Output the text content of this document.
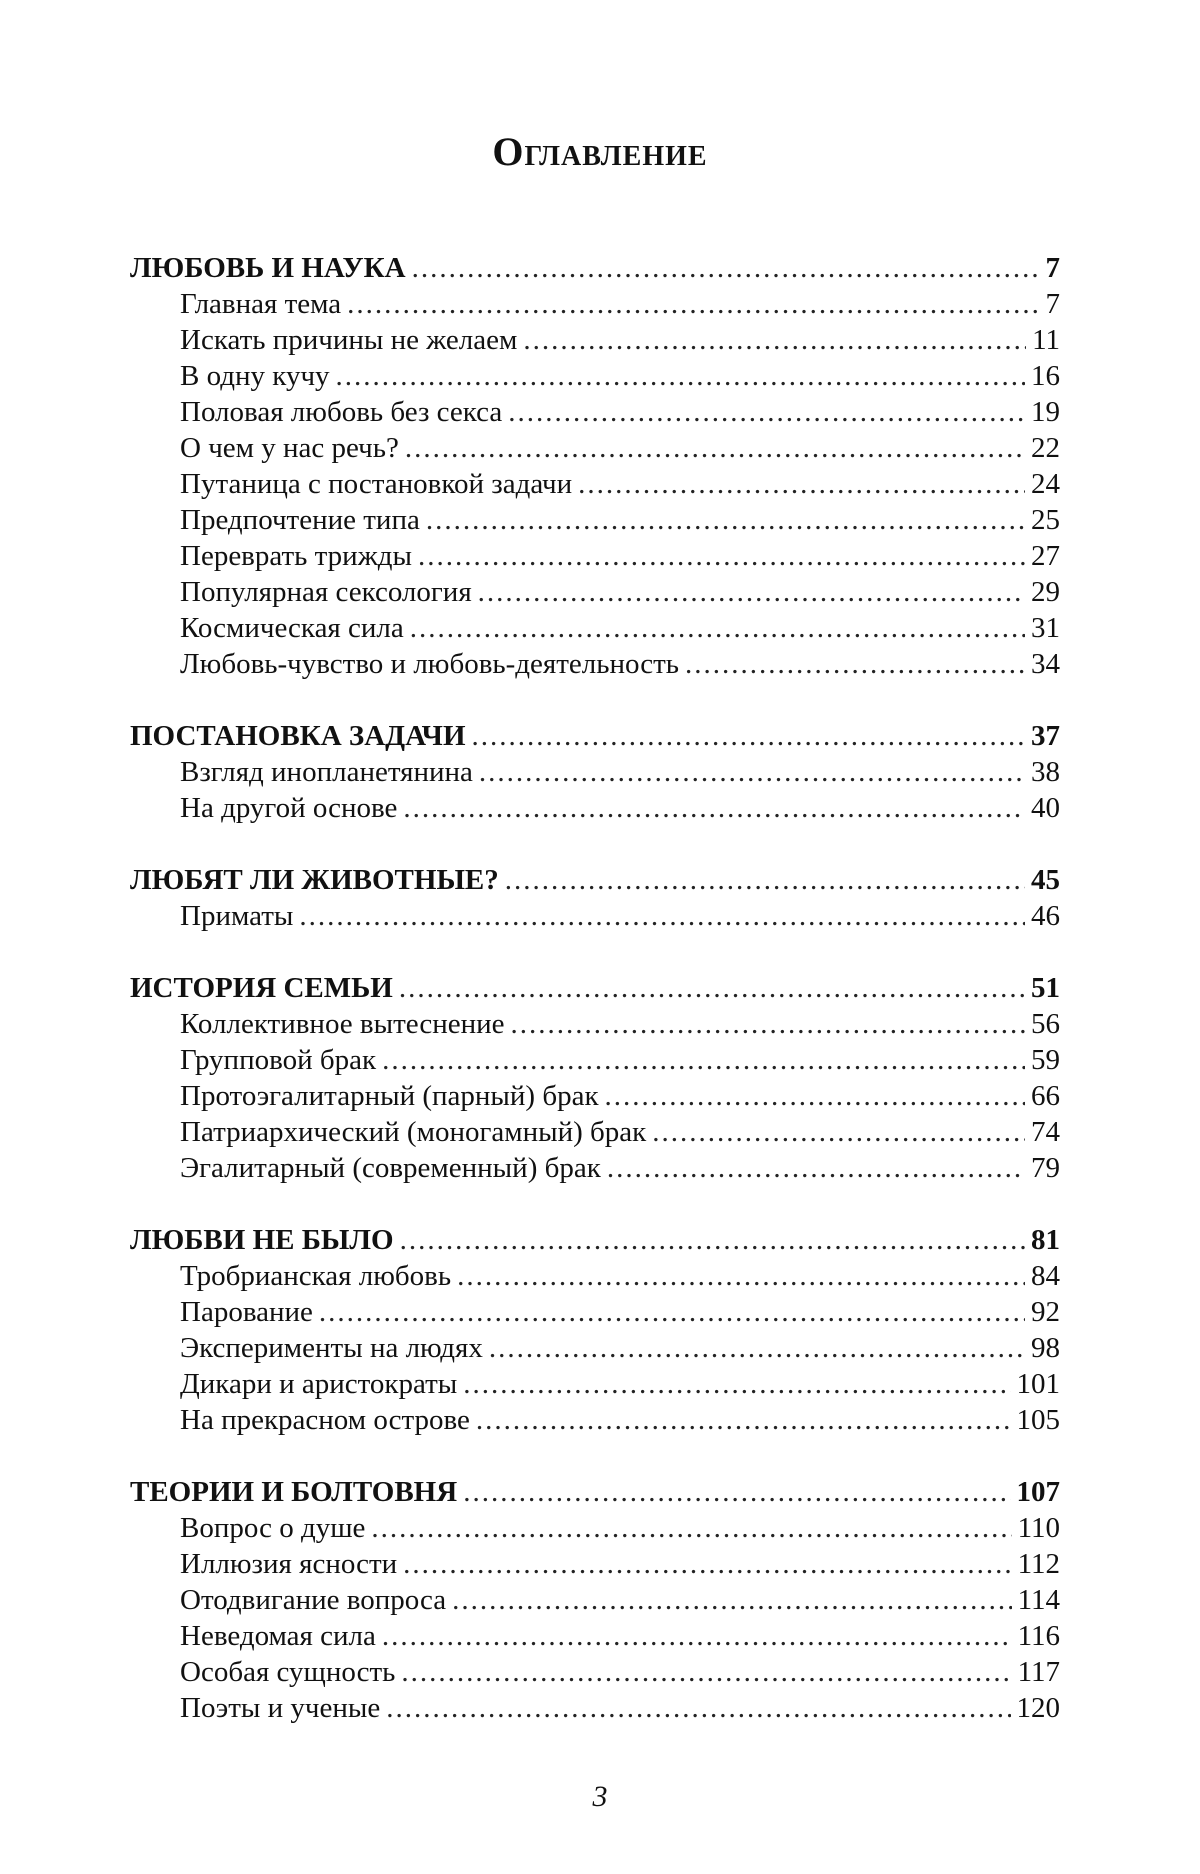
Оглавление
ЛЮБОВЬ И НАУКА .....	7
Главная тема .....	7
Искать причины не желаем .....	11
В одну кучу .....	16
Половая любовь без секса .....	19
О чем у нас речь? .....	22
Путаница с постановкой задачи .....	24
Предпочтение типа .....	25
Переврать трижды .....	27
Популярная сексология .....	29
Космическая сила .....	31
Любовь-чувство и любовь-деятельность .....	34
ПОСТАНОВКА ЗАДАЧИ .....	37
Взгляд инопланетянина .....	38
На другой основе .....	40
ЛЮБЯТ ЛИ ЖИВОТНЫЕ? .....	45
Приматы .....	46
ИСТОРИЯ СЕМЬИ .....	51
Коллективное вытеснение .....	56
Групповой брак .....	59
Протоэгалитарный (парный) брак .....	66
Патриархический (моногамный) брак .....	74
Эгалитарный (современный) брак .....	79
ЛЮБВИ НЕ БЫЛО .....	81
Тробрианская любовь .....	84
Парование .....	92
Эксперименты на людях .....	98
Дикари и аристократы .....	101
На прекрасном острове .....	105
ТЕОРИИ И БОЛТОВНЯ .....	107
Вопрос о душе .....	110
Иллюзия ясности .....	112
Отодвигание вопроса .....	114
Неведомая сила .....	116
Особая сущность .....	117
Поэты и ученые .....	120
3
